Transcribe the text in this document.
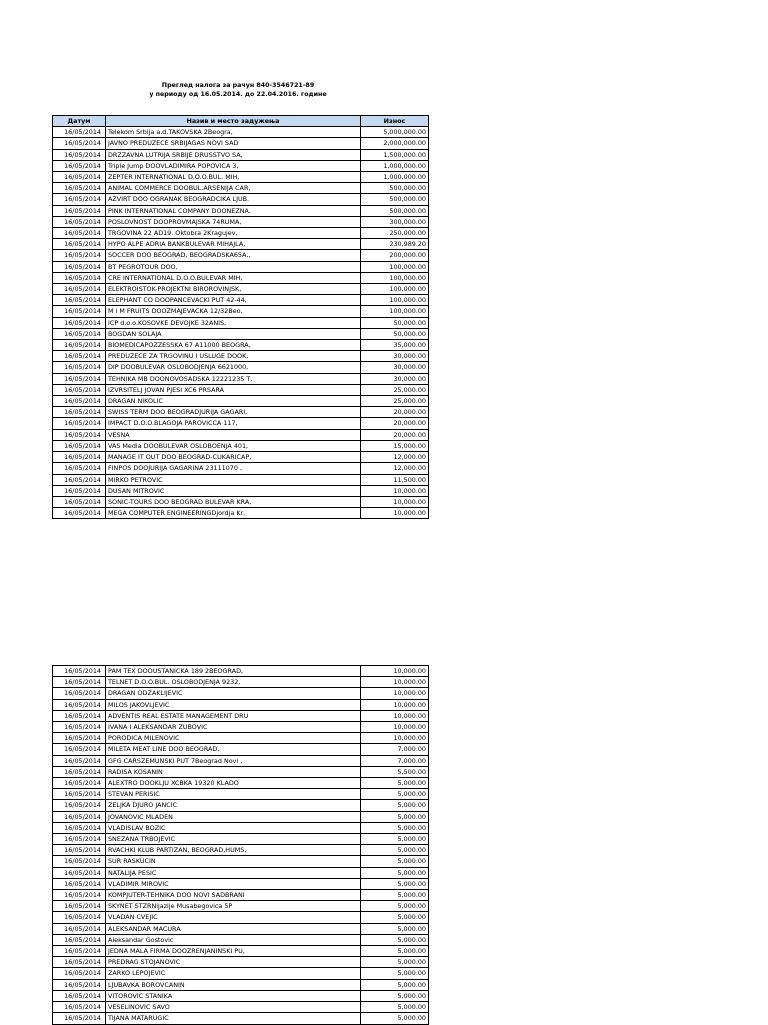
Преглед налога за рачун 840-3546721-89
у периоду од 16.05.2014. до 22.04.2016. године
Датум	Назив и место задужења	Износ
16/05/2014	Telekom Srbija a.d.TAKOVSKA 2Beogra,	5,000,000.00
16/05/2014	JAVNO PREDUZECE SRBIJAGAS NOVI SAD	2,000,000.00
16/05/2014	DRZZAVNA LUTRIJA SRBIJE DRUSSTVO SA,	1,500,000.00
16/05/2014	Triple Jump DOOVLADIMIRA POPOVICA 3,	1,000,000.00
16/05/2014	ZEPTER INTERNATIONAL D.O.O.BUL. MIH,	1,000,000.00
16/05/2014	ANIMAL COMMERCE DOOBUL.ARSENIJA CAR,	500,000.00
16/05/2014	AZVIRT DOO OGRANAK BEOGRADCIKA LJUB.	500,000.00
16/05/2014	PINK INTERNATIONAL COMPANY DOONEZNA,	500,000.00
16/05/2014	POSLOVNOST DOOPROVMAJSKA 74RUMA,	300,000.00
16/05/2014	TRGOVINA 22 AD19. Oktobra 2Kragujev,	250,000.00
16/05/2014	HYPO ALPE ADRIA BANKBULEVAR MIHAJLA,	230,989.20
16/05/2014	SOCCER DOO BEOGRAD, BEOGRADSKA65A,,	200,000.00
16/05/2014	BT PEGROTOUR DOO,	100,000.00
16/05/2014	CRE INTERNATIONAL D.O.O.BULEVAR MIH,	100,000.00
16/05/2014	ELEKTROISTOK-PROJEKTNI BIROROVINJSK,	100,000.00
16/05/2014	ELEPHANT CO DOOPANCEVACKI PUT 42-44,	100,000.00
16/05/2014	M i M FRUITS DOOZMAJEVACKA 12/32Beo,	100,000.00
16/05/2014	ICP d.o.o.KOSOVKE DEVOJKE 32ANIS,	50,000.00
16/05/2014	BOGDAN SOLAJA	50,000.00
16/05/2014	BIOMEDICAPOZZESSKA 67 A11000 BEOGRA,	35,000.00
16/05/2014	PREDUZECE ZA TRGOVINU I USLUGE DOOK,	30,000.00
16/05/2014	DIP DOOBULEVAR OSLOBODJENJA 6621000,	30,000.00
16/05/2014	TEHNIKA MB DOONOVOSADSKA 12221235 T,	30,000.00
16/05/2014	IZVRSITELJ JOVAN PJESI XC6 PRSARA	25,000.00
16/05/2014	DRAGAN NIKOLIC	25,000.00
16/05/2014	SWISS TERM DOO BEOGRADJURIJA GAGARI,	20,000.00
16/05/2014	IMPACT D.O.O.BLAGOJA PAROVICCA 117,	20,000.00
16/05/2014	VESNA	20,000.00
16/05/2014	VAS Media DOOBULEVAR OSLOBOENJA 401,	15,000.00
16/05/2014	MANAGE IT OUT DOO BEOGRAD-CUKARICAP,	12,000.00
16/05/2014	FINPOS DOOJURIJA GAGARINA 23111070 ,	12,000.00
16/05/2014	MIRKO PETROVIC	11,500.00
16/05/2014	DUSAN MITROVIC	10,000.00
16/05/2014	SONIC-TOURS DOO BEOGRAD BULEVAR KRA,	10,000.00
16/05/2014	MEGA COMPUTER ENGINEERINGDjordja Kr,	10,000.00
16/05/2014	PAM TEX DOOUSTANICKA 189 2BEOGRAD,	10,000.00
16/05/2014	TELNET D.O.O.BUL. OSLOBODJENJA 9232,	10,000.00
16/05/2014	DRAGAN ODZAKLIJEVIC	10,000.00
16/05/2014	MILOS JAKOVLJEVIC	10,000.00
16/05/2014	ADVENTIS REAL ESTATE MANAGEMENT DRU	10,000.00
16/05/2014	IVANA I ALEKSANDAR ZUBOVIC	10,000.00
16/05/2014	PORODICA MILENOVIC	10,000.00
16/05/2014	MILETA MEAT LINE DOO BEOGRAD,	7,000.00
16/05/2014	GFG CARSZEMUNSKI PUT 7Beograd Novi ,	7,000.00
16/05/2014	RADISA KOSANIN	5,500.00
16/05/2014	ALEXTRO DOOKLJU XCBKA 19320 KLADO	5,000.00
16/05/2014	STEVAN PERISIC	5,000.00
16/05/2014	ZELJKA DJURO JANCIC	5,000.00
16/05/2014	JOVANOVIC MLADEN	5,000.00
16/05/2014	VLADISLAV BOZIC	5,000.00
16/05/2014	SNEZANA TRBOJEVIC	5,000.00
16/05/2014	RVACHKI KLUB PARTIZAN, BEOGRAD,HUMS,	5,000.00
16/05/2014	SUR RASKUCIN	5,000.00
16/05/2014	NATALIJA PESIC	5,000.00
16/05/2014	VLADIMIR MIROVIC	5,000.00
16/05/2014	KOMPJUTER-TEHNIKA DOO NOVI SADBRANI	5,000.00
16/05/2014	SKYNET STZRNijazije Musabegovica 5P	5,000.00
16/05/2014	VLADAN CVEJIC	5,000.00
16/05/2014	ALEKSANDAR MACURA	5,000.00
16/05/2014	Aleksandar Gostovic	5,000.00
16/05/2014	JEDNA MALA FIRMA DOOZRENJANINSKI PU,	5,000.00
16/05/2014	PREDRAG STOJANOVIC	5,000.00
16/05/2014	ZARKO LEPOJEVIC	5,000.00
16/05/2014	LJUBAVKA BOROVCANIN	5,000.00
16/05/2014	VITOROVIC STANIKA	5,000.00
16/05/2014	VESELINOVIC SAVO	5,000.00
16/05/2014	TIJANA MATARUGIC	5,000.00
